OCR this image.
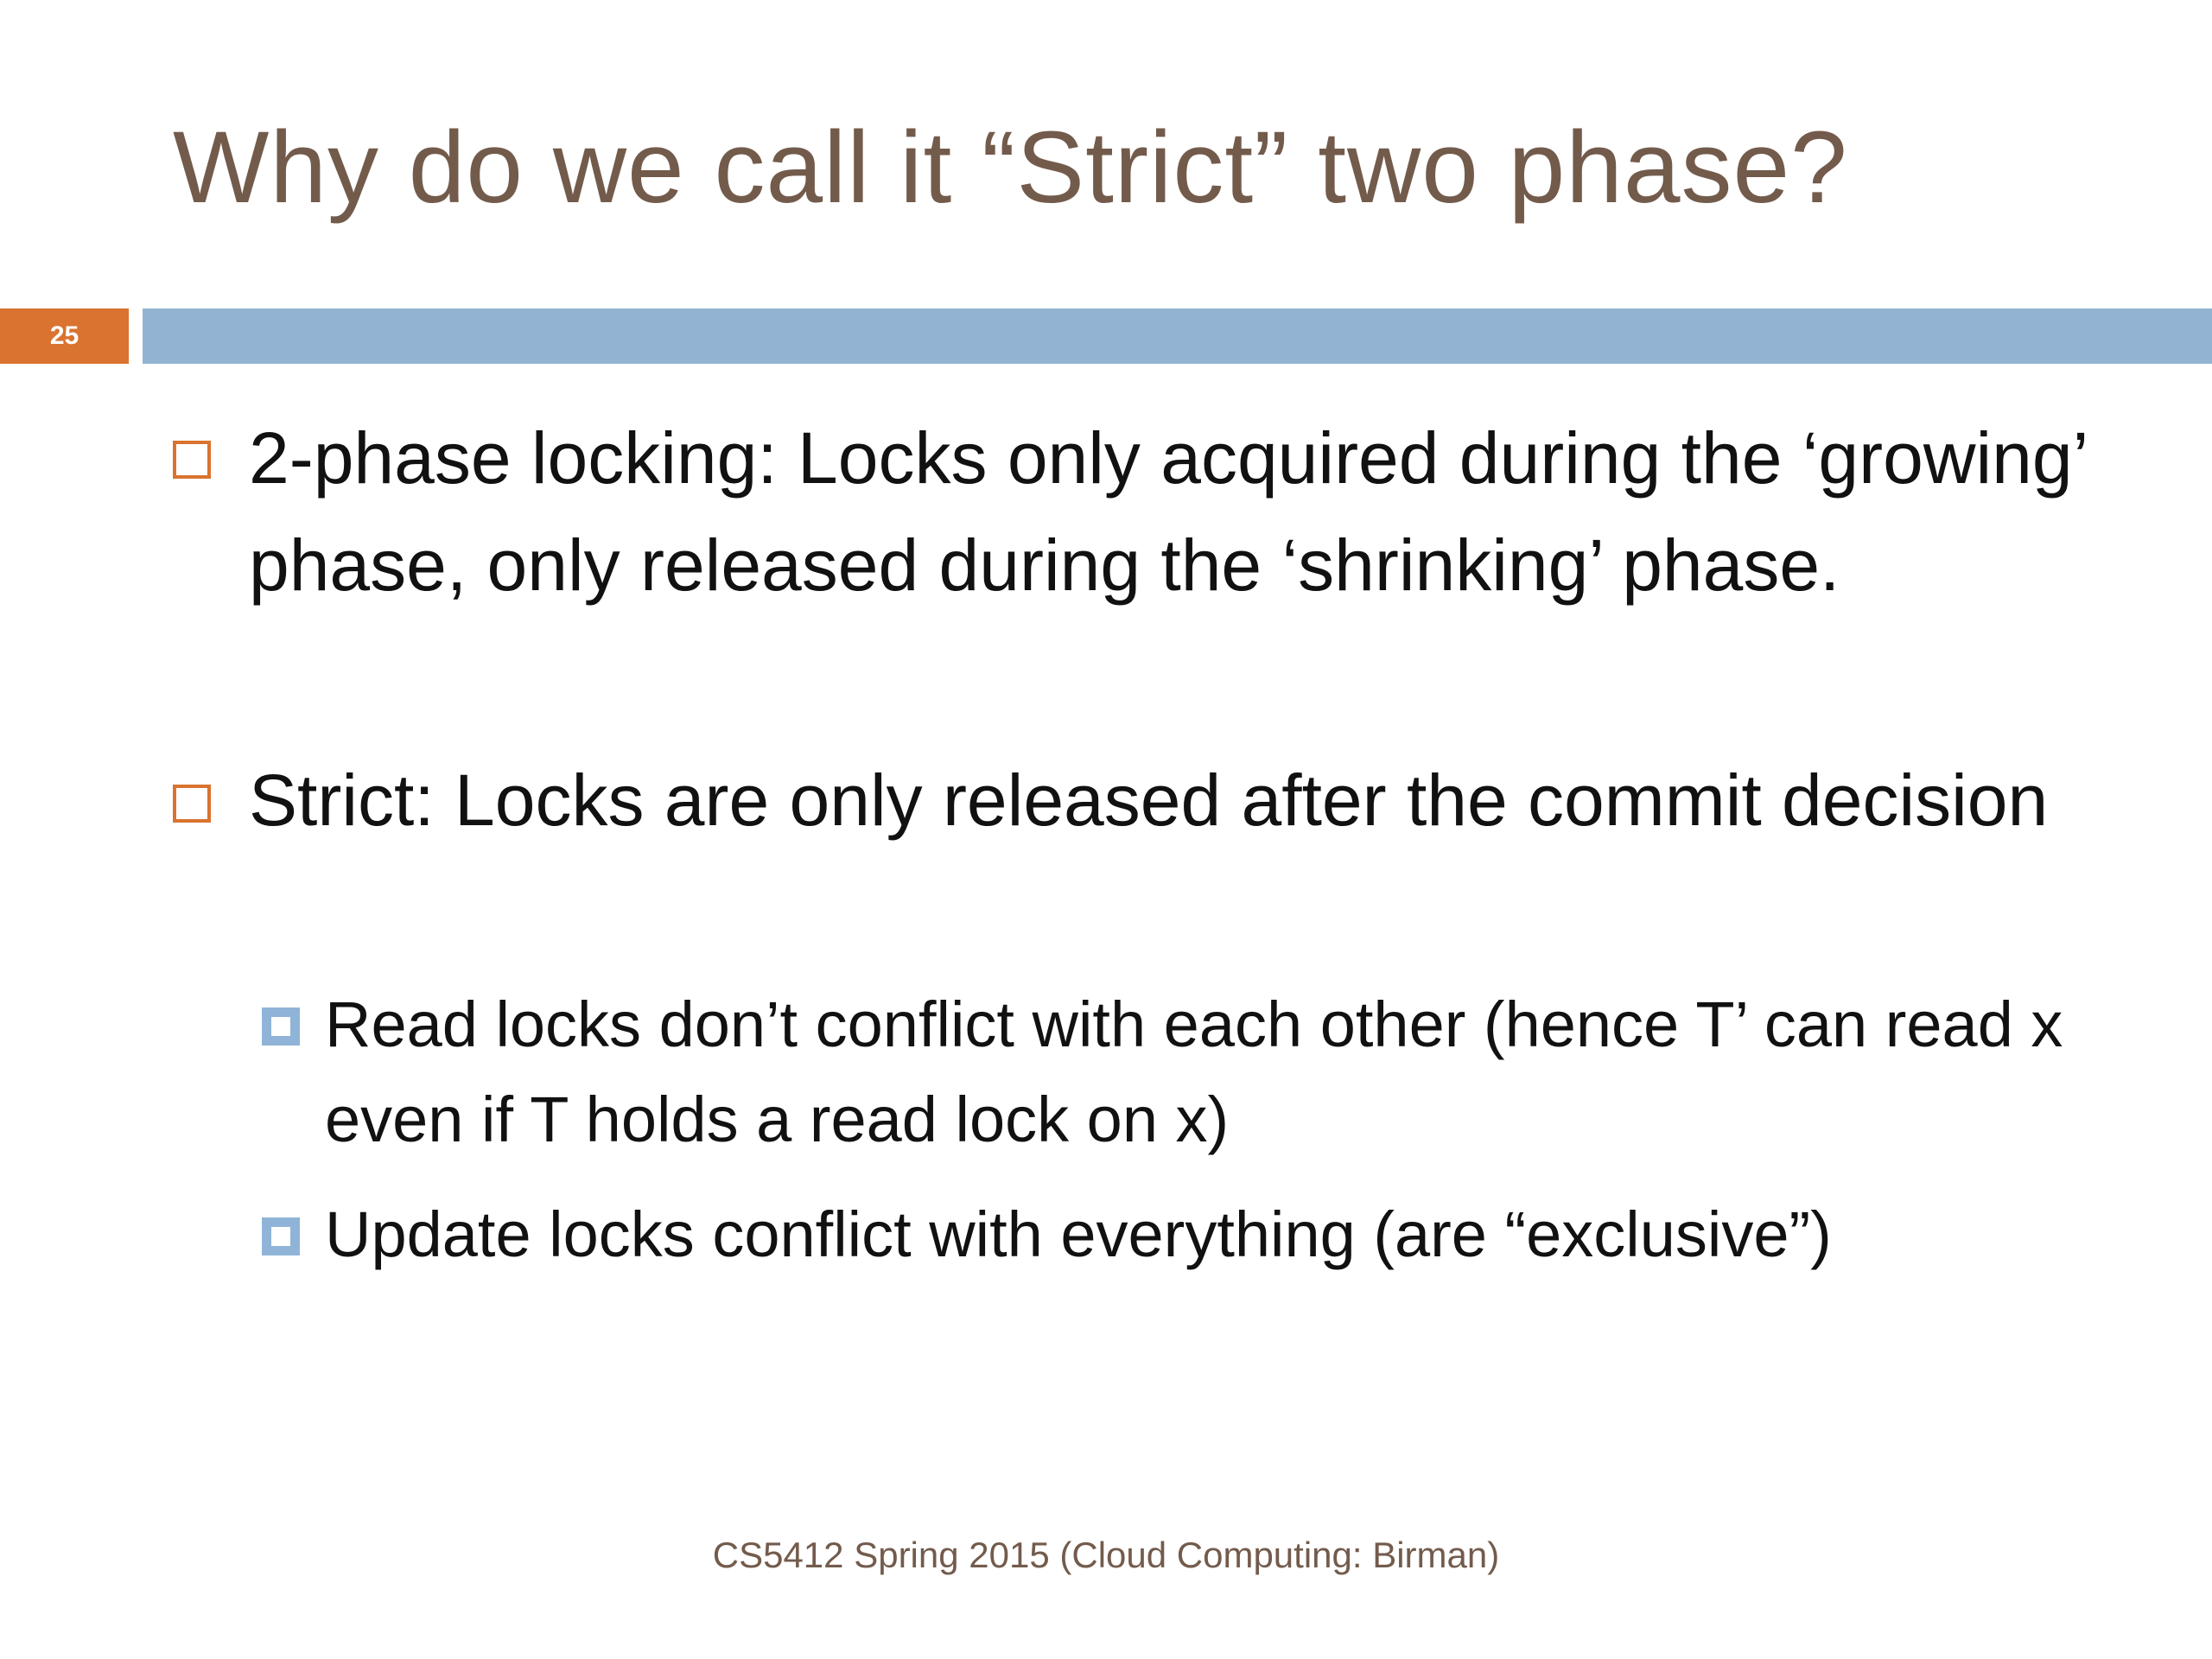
Why do we call it “Strict” two phase?
25
2-phase locking: Locks only acquired during the ‘growing’ phase, only released during the ‘shrinking’ phase.
Strict: Locks are only released after the commit decision
Read locks don’t conflict with each other (hence T’ can read x even if T holds a read lock on x)
Update locks conflict with everything (are “exclusive”)
CS5412 Spring 2015 (Cloud Computing: Birman)
